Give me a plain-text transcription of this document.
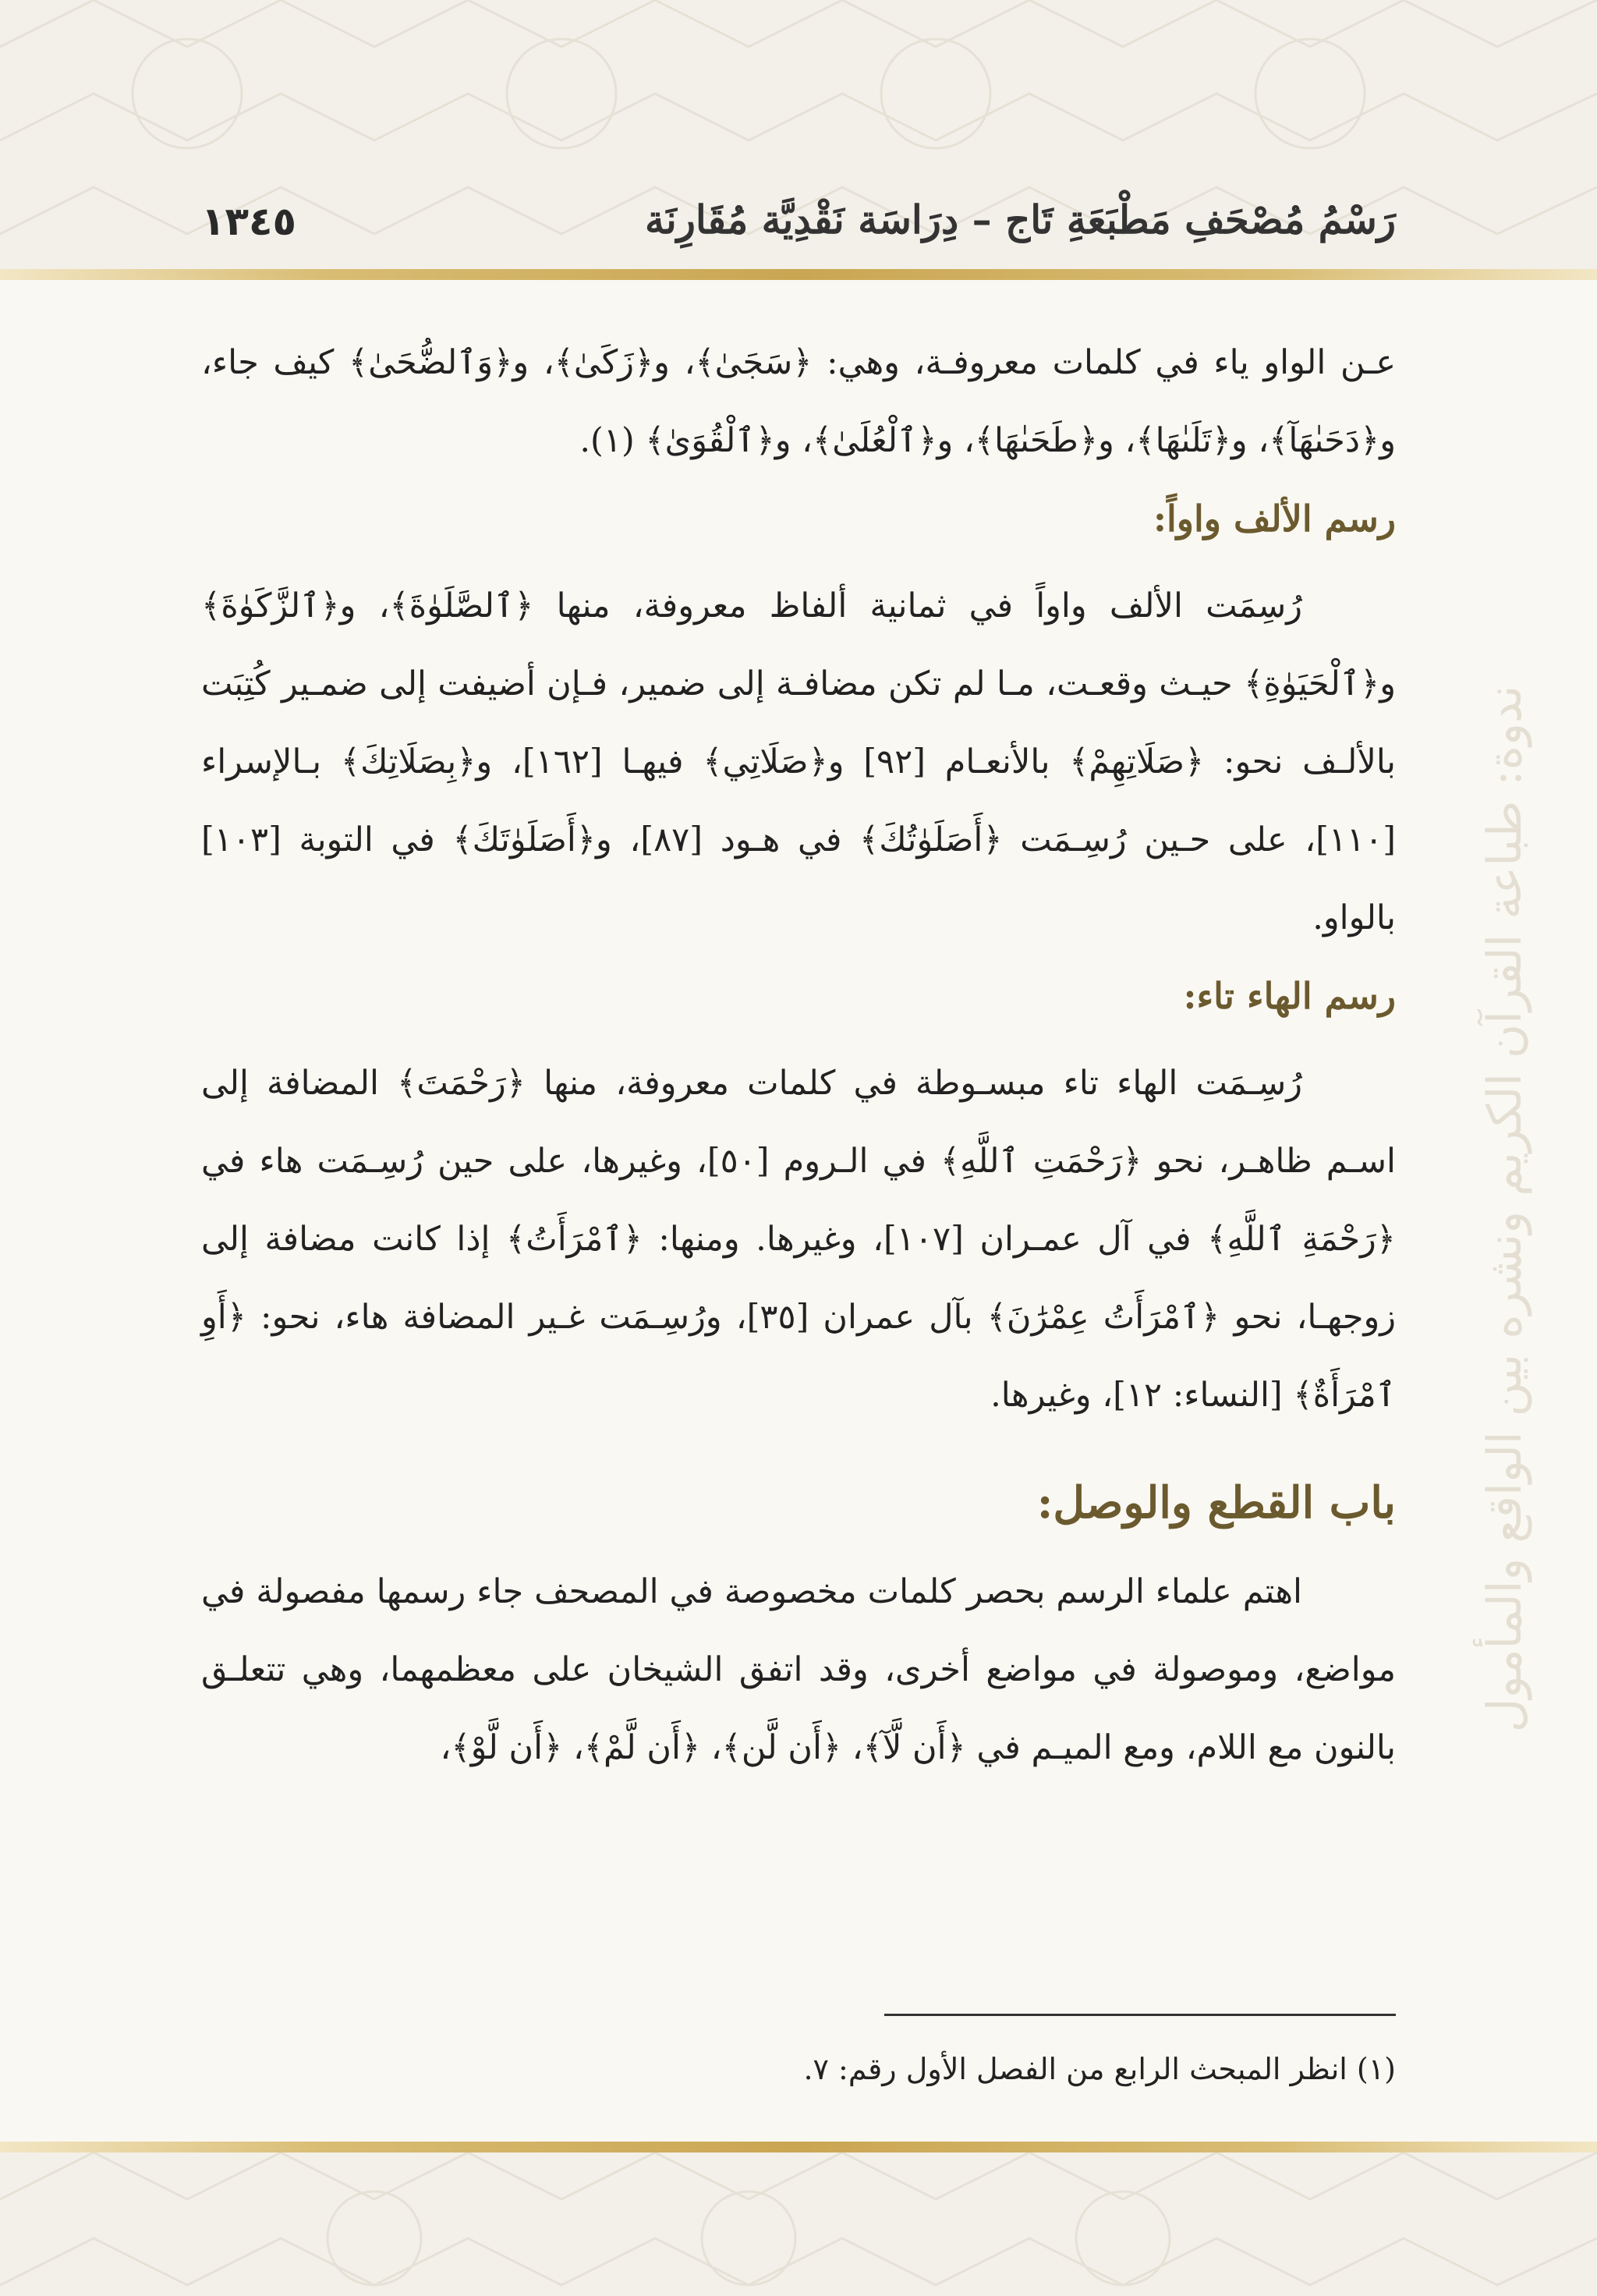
١٣٤٥	رَسْمُ مُصْحَفِ مَطْبَعَةِ تَاج – دِرَاسَة نَقْدِيَّة مُقَارِنَة
ندوة: طباعة القرآن الكريم ونشره بين الواقع والمأمول

عـن الواو ياء في كلمات معروفـة، وهي: ﴿سَجَىٰ﴾، و﴿زَكَىٰ﴾، و﴿وَٱلضُّحَىٰ﴾ كيف جاء، و﴿دَحَىٰهَآ﴾، و﴿تَلَىٰهَا﴾، و﴿طَحَىٰهَا﴾، و﴿ٱلْعُلَىٰ﴾، و﴿ٱلْقُوَىٰ﴾ (١).

رسم الألف واواً:

رُسِمَت الألف واواً في ثمانية ألفاظ معروفة، منها ﴿ٱلصَّلَوٰةَ﴾، و﴿ٱلزَّكَوٰةَ﴾ و﴿ٱلْحَيَوٰةِ﴾ حيـث وقعـت، مـا لم تكن مضافـة إلى ضمير، فـإن أضيفت إلى ضمـير كُتِبَت بالألـف نحو: ﴿صَلَاتِهِمْ﴾ بالأنعـام [٩٢] و﴿صَلَاتِي﴾ فيهـا [١٦٢]، و﴿بِصَلَاتِكَ﴾ بـالإسراء [١١٠]، على حـين رُسِـمَت ﴿أَصَلَوٰتُكَ﴾ في هـود [٨٧]، و﴿أَصَلَوٰتَكَ﴾ في التوبة [١٠٣] بالواو.

رسم الهاء تاء:

رُسِـمَت الهاء تاء مبسـوطة في كلمات معروفة، منها ﴿رَحْمَتَ﴾ المضافة إلى اسـم ظاهـر، نحو ﴿رَحْمَتِ ٱللَّهِ﴾ في الـروم [٥٠]، وغيرها، على حين رُسِـمَت هاء في ﴿رَحْمَةِ ٱللَّهِ﴾ في آل عمـران [١٠٧]، وغيرها. ومنها: ﴿ٱمْرَأَتُ﴾ إذا كانت مضافة إلى زوجهـا، نحو ﴿ٱمْرَأَتُ عِمْرَٰنَ﴾ بآل عمران [٣٥]، ورُسِـمَت غـير المضافة هاء، نحو: ﴿أَوِ ٱمْرَأَةٌ﴾ [النساء: ١٢]، وغيرها.

باب القطع والوصل:

اهتم علماء الرسم بحصر كلمات مخصوصة في المصحف جاء رسمها مفصولة في مواضع، وموصولة في مواضع أخرى، وقد اتفق الشيخان على معظمهما، وهي تتعلـق بالنون مع اللام، ومع الميـم في ﴿أَن لَّآ﴾، ﴿أَن لَّن﴾، ﴿أَن لَّمْ﴾، ﴿أَن لَّوْ﴾،

(١) انظر المبحث الرابع من الفصل الأول رقم: ٧.
